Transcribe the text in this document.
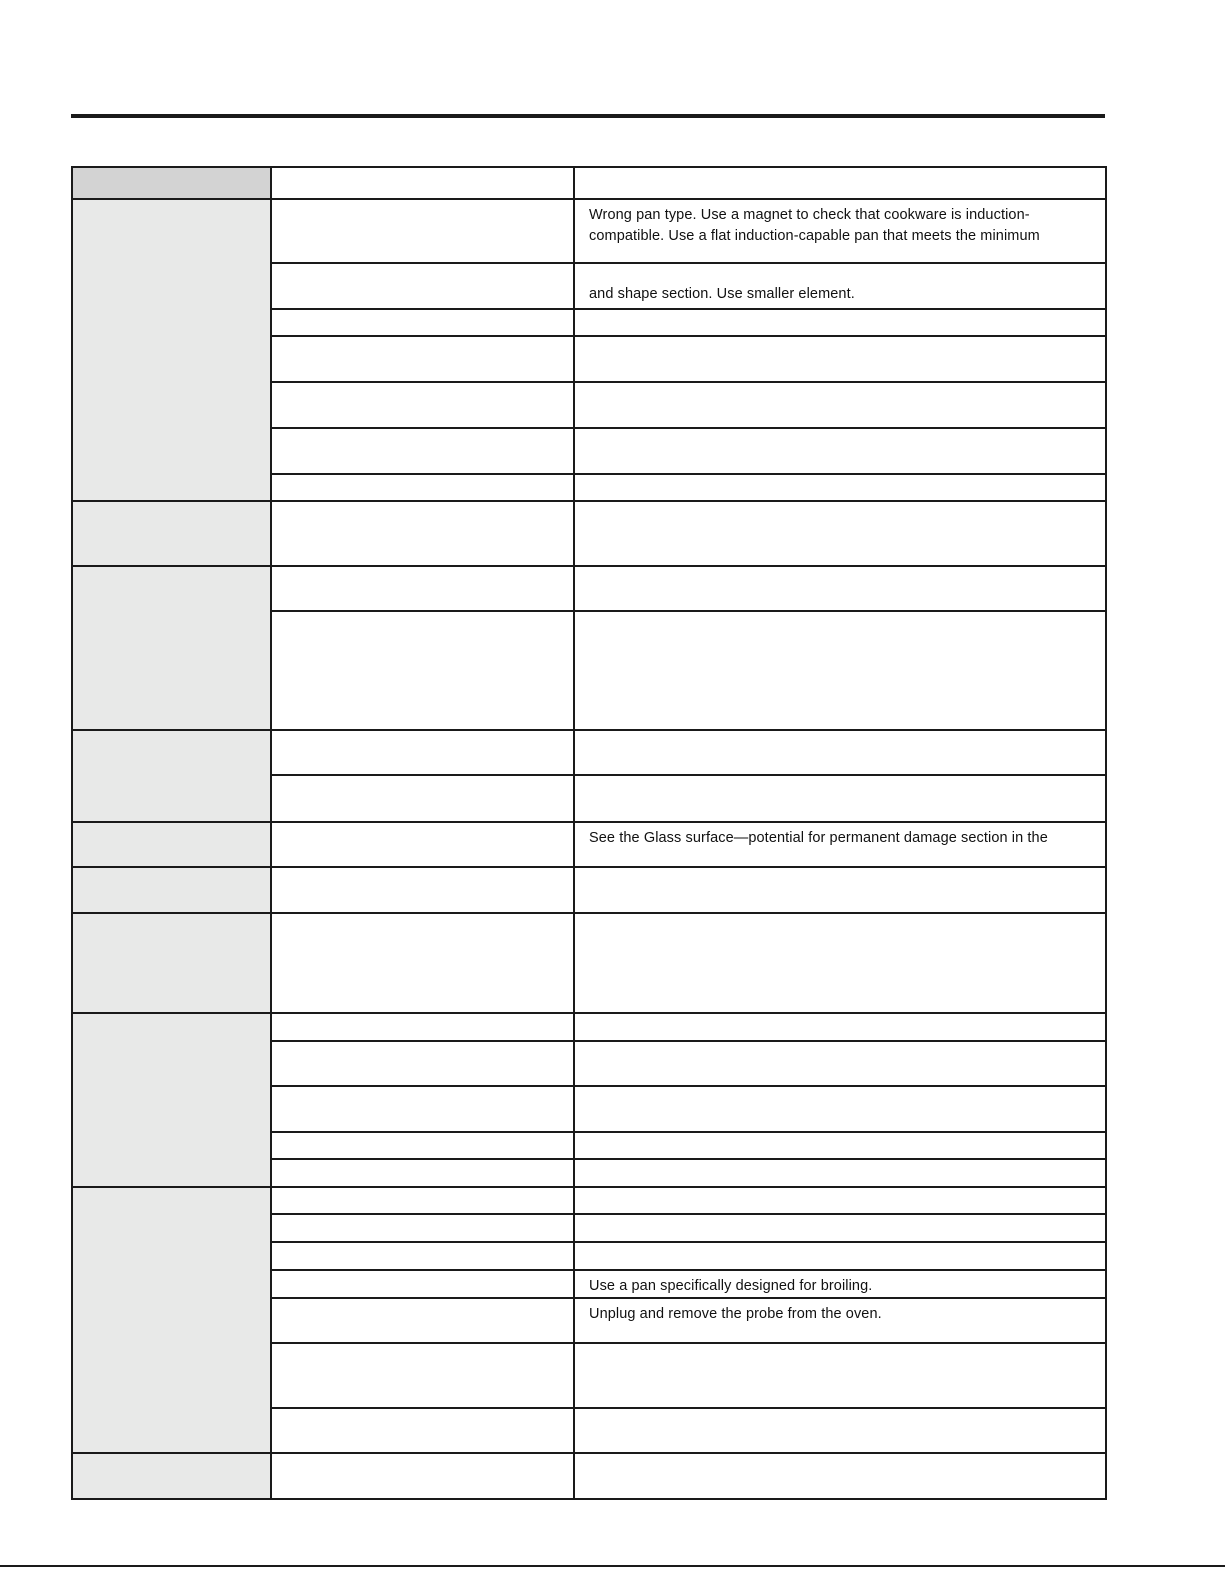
		Wrong pan type. Use a magnet to check that cookware is induction-compatible. Use a flat induction-capable pan that meets the minimum

		and shape section. Use smaller element.

		See the Glass surface—potential for permanent damage section in the

		Use a pan specifically designed for broiling.

		Unplug and remove the probe from the oven.
